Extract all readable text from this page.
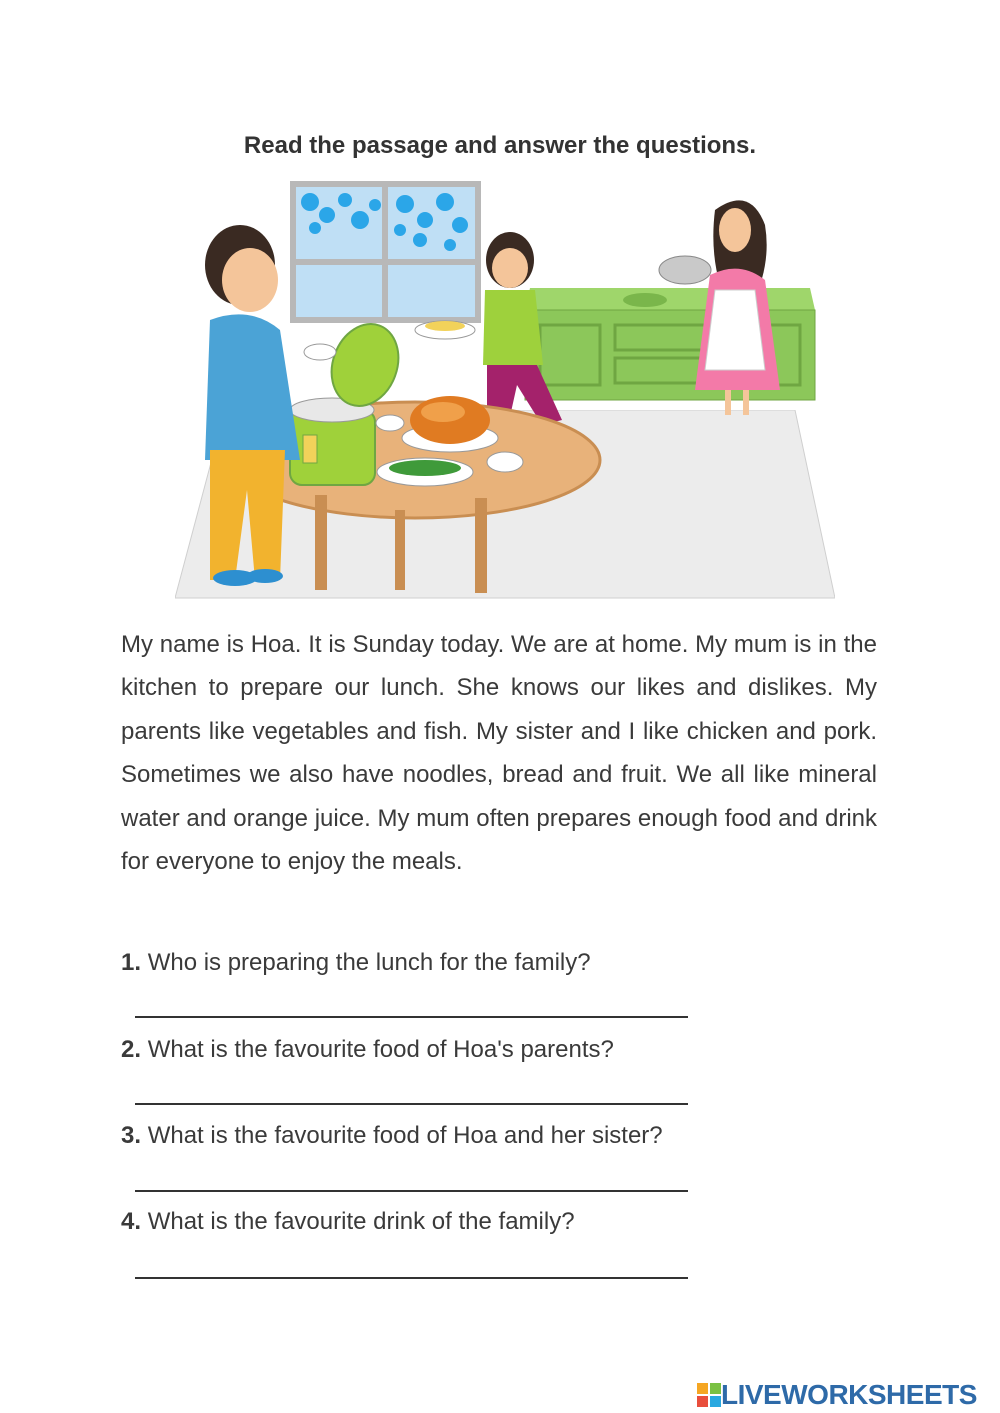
Read the passage and answer the questions.
My name is Hoa. It is Sunday today. We are at home. My mum is in the kitchen to prepare our lunch. She knows our likes and dislikes. My parents like vegetables and fish. My sister and I like chicken and pork. Sometimes we also have noodles, bread and fruit. We all like mineral water and orange juice. My mum often prepares enough food and drink for everyone to enjoy the meals.
1. Who is preparing the lunch for the family?
2. What is the favourite food of Hoa's parents?
3. What is the favourite food of Hoa and her sister?
4. What is the favourite drink of the family?
LIVEWORKSHEETS
